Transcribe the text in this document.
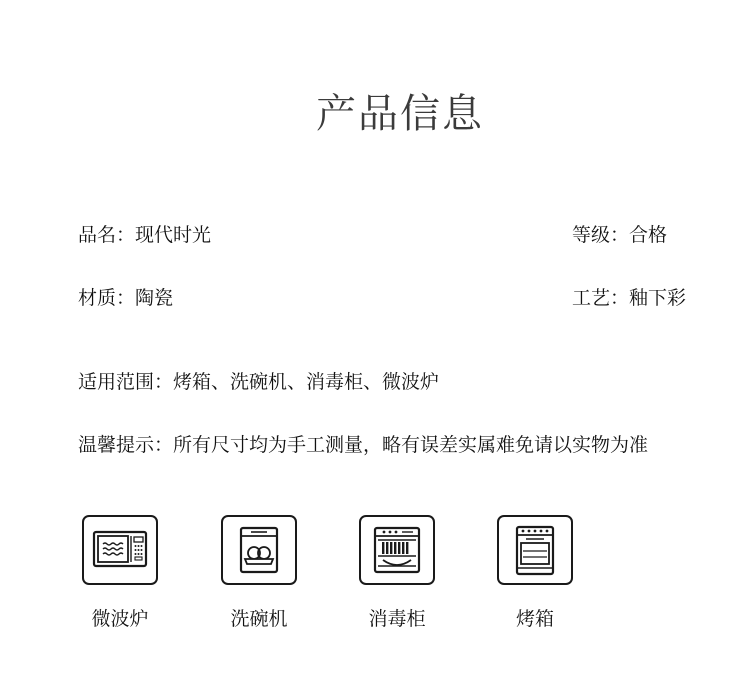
产品信息
品名：现代时光	等级：合格
材质：陶瓷	工艺：釉下彩
适用范围：烤箱、洗碗机、消毒柜、微波炉
温馨提示：所有尺寸均为手工测量，略有误差实属难免请以实物为准
微波炉	洗碗机	消毒柜	烤箱
